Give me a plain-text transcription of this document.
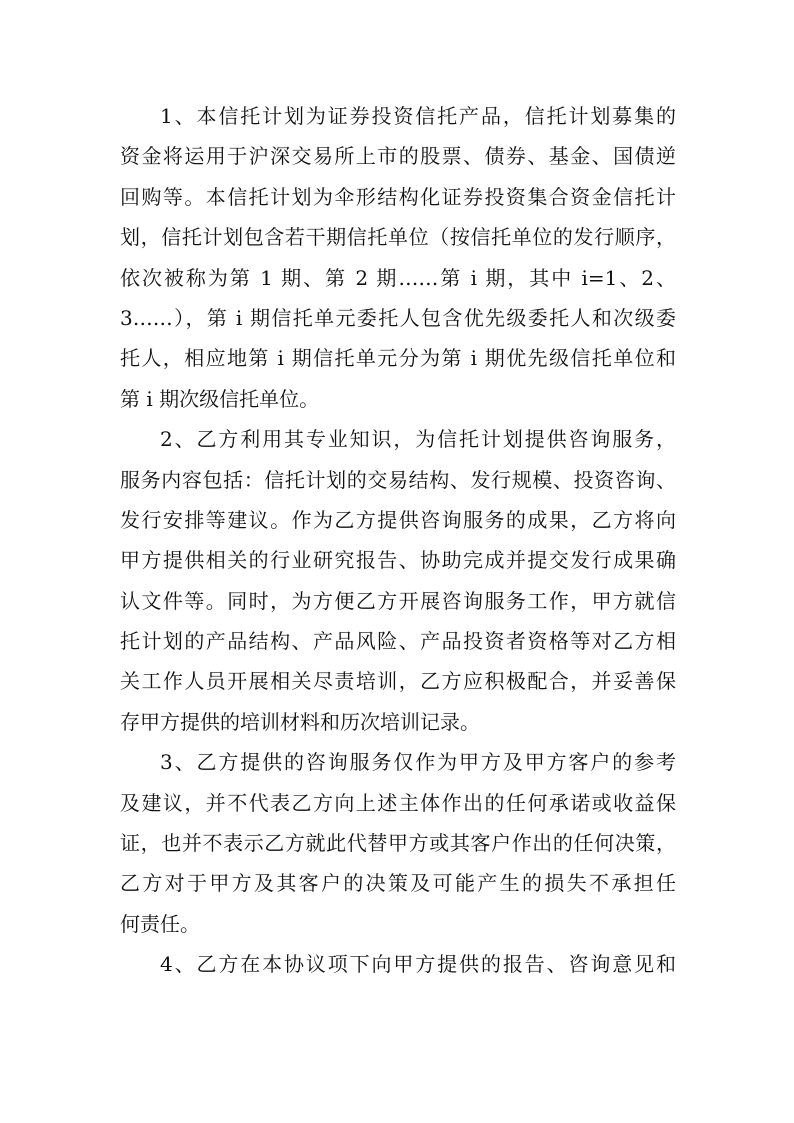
1、本信托计划为证券投资信托产品，信托计划募集的
资金将运用于沪深交易所上市的股票、债券、基金、国债逆
回购等。本信托计划为伞形结构化证券投资集合资金信托计
划，信托计划包含若干期信托单位（按信托单位的发行顺序，
依次被称为第 1 期、第 2 期……第 i 期，其中 i=1、2、
3……），第 i 期信托单元委托人包含优先级委托人和次级委
托人，相应地第 i 期信托单元分为第 i 期优先级信托单位和
第 i 期次级信托单位。
2、乙方利用其专业知识，为信托计划提供咨询服务，
服务内容包括：信托计划的交易结构、发行规模、投资咨询、
发行安排等建议。作为乙方提供咨询服务的成果，乙方将向
甲方提供相关的行业研究报告、协助完成并提交发行成果确
认文件等。同时，为方便乙方开展咨询服务工作，甲方就信
托计划的产品结构、产品风险、产品投资者资格等对乙方相
关工作人员开展相关尽责培训，乙方应积极配合，并妥善保
存甲方提供的培训材料和历次培训记录。
3、乙方提供的咨询服务仅作为甲方及甲方客户的参考
及建议，并不代表乙方向上述主体作出的任何承诺或收益保
证，也并不表示乙方就此代替甲方或其客户作出的任何决策，
乙方对于甲方及其客户的决策及可能产生的损失不承担任
何责任。
4、乙方在本协议项下向甲方提供的报告、咨询意见和
